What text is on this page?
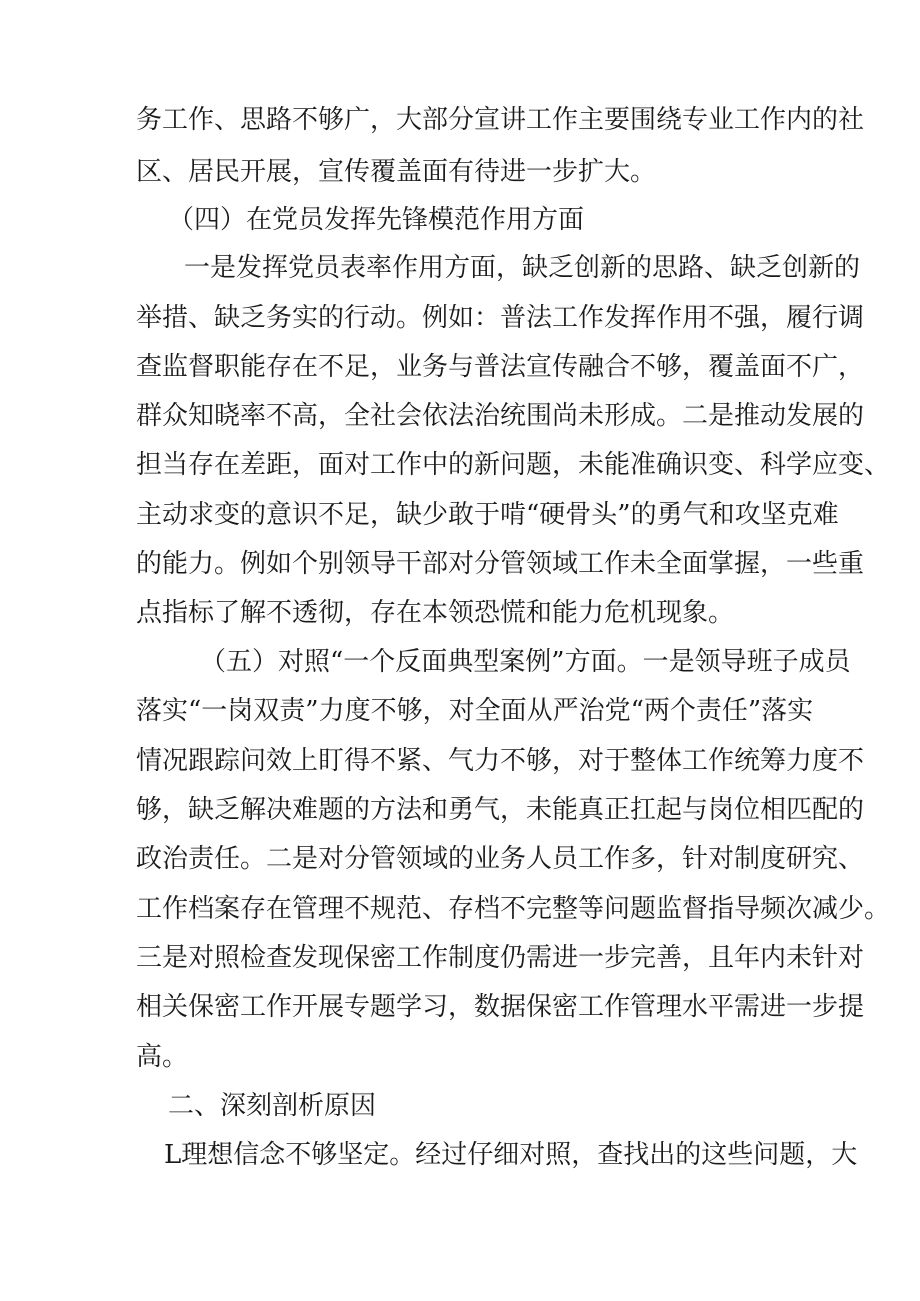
务工作、思路不够广，大部分宣讲工作主要围绕专业工作内的社
区、居民开展，宣传覆盖面有待进一步扩大。
（四）在党员发挥先锋模范作用方面
一是发挥党员表率作用方面，缺乏创新的思路、缺乏创新的
举措、缺乏务实的行动。例如：普法工作发挥作用不强，履行调
查监督职能存在不足，业务与普法宣传融合不够，覆盖面不广，
群众知晓率不高，全社会依法治统围尚未形成。二是推动发展的
担当存在差距，面对工作中的新问题，未能准确识变、科学应变、
主动求变的意识不足，缺少敢于啃“硬骨头”的勇气和攻坚克难
的能力。例如个别领导干部对分管领域工作未全面掌握，一些重
点指标了解不透彻，存在本领恐慌和能力危机现象。
（五）对照“一个反面典型案例”方面。一是领导班子成员
落实“一岗双责”力度不够，对全面从严治党“两个责任”落实
情况跟踪问效上盯得不紧、气力不够，对于整体工作统筹力度不
够，缺乏解决难题的方法和勇气，未能真正扛起与岗位相匹配的
政治责任。二是对分管领域的业务人员工作多，针对制度研究、
工作档案存在管理不规范、存档不完整等问题监督指导频次减少。
三是对照检查发现保密工作制度仍需进一步完善，且年内未针对
相关保密工作开展专题学习，数据保密工作管理水平需进一步提
高。
二、深刻剖析原因
L理想信念不够坚定。经过仔细对照，查找出的这些问题，大
